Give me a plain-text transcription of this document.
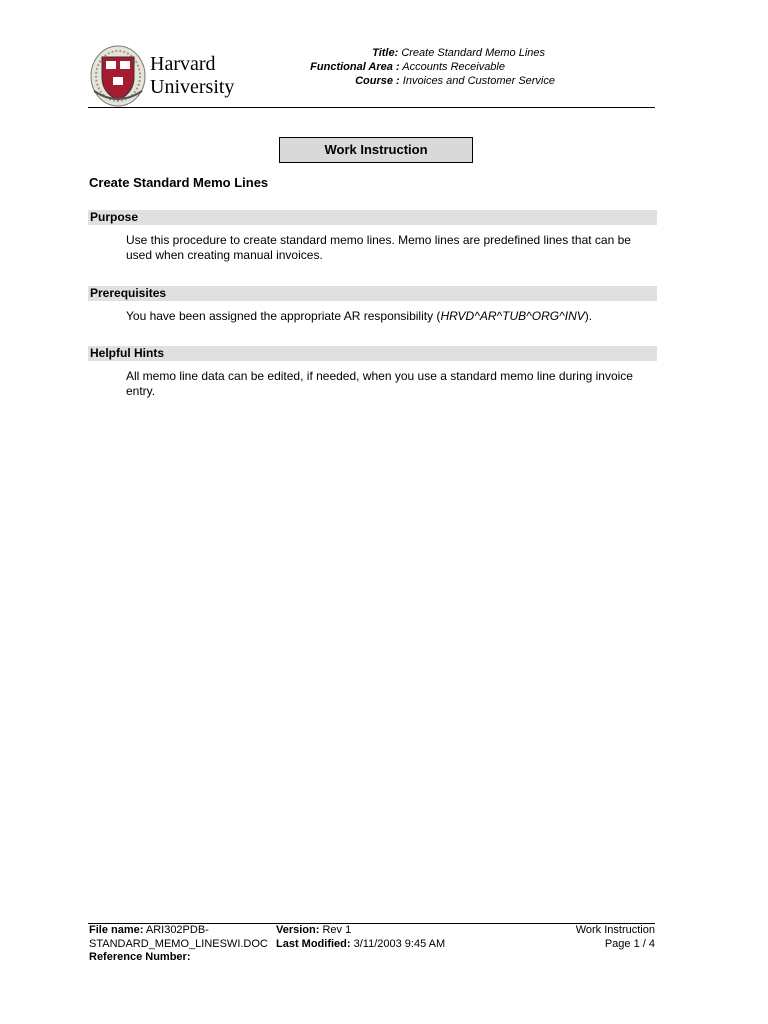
Harvard
University
Title: Create Standard Memo Lines
Functional Area : Accounts Receivable
Course : Invoices and Customer Service
Work Instruction
Create Standard Memo Lines
Purpose
Use this procedure to create standard memo lines. Memo lines are predefined lines that can be used when creating manual invoices.
Prerequisites
You have been assigned the appropriate AR responsibility (HRVD^AR^TUB^ORG^INV).
Helpful Hints
All memo line data can be edited, if needed, when you use a standard memo line during invoice entry.
File name: ARI302PDB-
STANDARD_MEMO_LINESWI.DOC
Reference Number:
Version: Rev 1
Last Modified: 3/11/2003 9:45 AM
Work Instruction
Page 1 / 4
